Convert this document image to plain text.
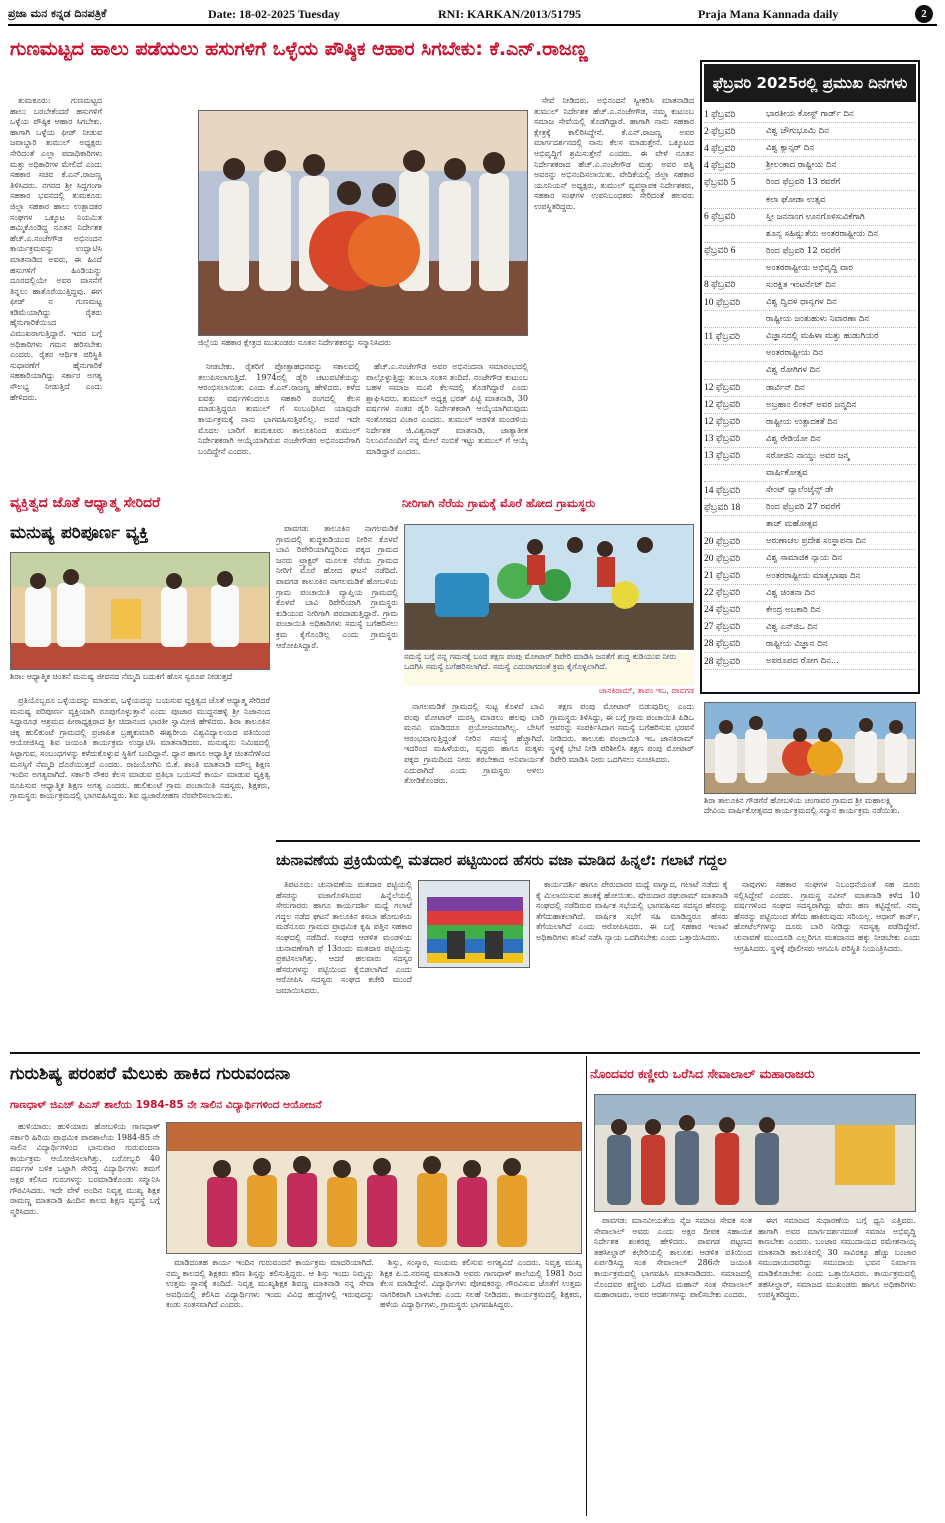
ಪ್ರಜಾ ಮನ ಕನ್ನಡ ದಿನಪತ್ರಿಕೆ	Date: 18-02-2025 Tuesday	RNI: KARKAN/2013/51795	Praja Mana Kannada daily	2
ಗುಣಮಟ್ಟದ ಹಾಲು ಪಡೆಯಲು ಹಸುಗಳಿಗೆ ಒಳ್ಳೆಯ ಪೌಷ್ಠಿಕ ಆಹಾರ ಸಿಗಬೇಕು: ಕೆ.ಎನ್.ರಾಜಣ್ಣ

ತುಮಕೂರು: ಗುಣಮಟ್ಟದ ಹಾಲು ಬರಬೇಕೆಂದರೆ ಹಸುಗಳಿಗೆ ಒಳ್ಳೆಯ ಪೌಷ್ಠಿಕ ಆಹಾರ ಸಿಗಬೇಕು. ಹಾಗಾಗಿ ಒಳ್ಳೆಯ ಫೀಡ್ ನೀಡುವ ಜವಾಬ್ದಾರಿ ತುಮುಲ್ ಅಧ್ಯಕ್ಷರು ಸೇರಿದಂತೆ ಎಲ್ಲಾ ಪದಾಧಿಕಾರಿಗಳು ಮತ್ತು ಅಧಿಕಾರಿಗಳ ಮೇಲಿದೆ ಎಂದು ಸಹಕಾರ ಸಚಿವ ಕೆ.ಎನ್.ರಾಜಣ್ಣ ತಿಳಿಸಿದರು. ನಗರದ ಶ್ರೀ ಸಿದ್ದಗಂಗಾ ಸಹಕಾರ ಭವನದಲ್ಲಿ ತುಮಕೂರು ಜಿಲ್ಲಾ ಸಹಕಾರ ಹಾಲು ಉತ್ಪಾದಕರ ಸಂಘಗಳ ಒಕ್ಕೂಟ ನಿಯಮಿತ ಹಮ್ಮಿಕೊಂಡಿದ್ದ ನೂತನ ನಿರ್ದೇಶಕ ಹೆಚ್.ಎ.ನಂಜೇಗೌಡ ಅಭಿನಂದನ ಕಾರ್ಯಕ್ರಮವನ್ನು ಉದ್ಘಾಟಿಸಿ ಮಾತನಾಡಿದ ಅವರು, ಈ ಹಿಂದೆ ಹಸುಗಳಿಗೆ ಹಿಂಡಿಯನ್ನು ದೂರದಲ್ಲಿಯೇ ಅವರ ವಾಸನೆಗೆ ತಿನ್ನಲು ಹಾತೊರೆಯುತ್ತಿದ್ದವು. ಈಗ ಫೀಡ್ ನ ಗುಣಮಟ್ಟ ಕಡಿಮೆಯಾಗಿದ್ದು ರೈತರು ಹೈನುಗಾರಿಕೆಯಿಂದ ವಿಮುಖರಾಗುತ್ತಿದ್ದಾರೆ. ಇದರ ಬಗ್ಗೆ ಅಧಿಕಾರಿಗಳು ಗಮನ ಹರಿಸಬೇಕು ಎಂದರು. ರೈತರ ಆರ್ಥಿಕ ಪರಿಸ್ಥಿತಿ ಸುಧಾರಣೆಗೆ ಹೈನುಗಾರಿಕೆ ಸಹಕಾರಿಯಾಗಿದ್ದು ಸರ್ಕಾರ ಅಗತ್ಯ ಸೌಲಭ್ಯ ನೀಡುತ್ತಿದೆ ಎಂದು ಹೇಳಿದರು.

ಜಿಲ್ಲೆಯ ಸಹಕಾರ ಕ್ಷೇತ್ರದ ಮುಖಂಡರು ನೂತನ ನಿರ್ದೇಶಕರನ್ನು ಸನ್ಮಾನಿಸಿದರು

ನೀಡಬೇಕು. ರೈತರಿಗೆ ಪ್ರೋತ್ಸಾಹಧನವನ್ನು ಸಕಾಲದಲ್ಲಿ ತಲುಪಿಸಲಾಗುತ್ತಿದೆ. 1974ರಲ್ಲಿ ಡೈರಿ ಚಟುವಟಿಕೆಯನ್ನು ಆರಂಭಿಸಲಾಯಿತು ಎಂದು ಕೆ.ಎನ್.ರಾಜಣ್ಣ ಹೇಳಿದರು. ಕಳೆದ ಐವತ್ತು ವರ್ಷಗಳಿಂದಲೂ ಸಹಕಾರಿ ರಂಗದಲ್ಲಿ ಕೆಲಸ ಮಾಡುತ್ತಿದ್ದರೂ ತುಮುಲ್ ಗೆ ಸಂಬಂಧಿಸಿದ ಯಾವುದೇ ಕಾರ್ಯಕ್ರಮಕ್ಕೆ ನಾನು ಭಾಗವಹಿಸುತ್ತಿರಲಿಲ್ಲ. ಅದರೆ ಇದೇ ಮೊದಲ ಬಾರಿಗೆ ತುಮಕೂರು ತಾಲೂಕಿನಿಂದ ತುಮುಲ್ ನಿರ್ದೇಶಕರಾಗಿ ಆಯ್ಕೆಯಾಗಿರುವ ನಂಜೇಗೌಡರ ಅಭಿನಂದನೆಗಾಗಿ ಬಂದಿದ್ದೇನೆ ಎಂದರು.

ಹೆಚ್.ಎ.ನಂಜೇಗೌಡ ಅವರ ಅಭಿನಂದನಾ ಸಮಾರಂಭದಲ್ಲಿ ಪಾಲ್ಗೊಳ್ಳುತ್ತಿದ್ದು ತುಂಬಾ ಸಂತಸ ತಂದಿದೆ. ನಂಜೇಗೌಡ ಕುಟುಂಬ ಬಹಳ ಸಮಾಜ ಮುಖಿ ಕೆಲಸದಲ್ಲಿ ತೊಡಗಿದ್ದಾರೆ ಎಂದು ಶ್ಲಾಘಿಸಿದರು. ತುಮುಲ್ ಅಧ್ಯಕ್ಷ ಭರತ್ ಪಿಟ್ಟಿ ಮಾತನಾಡಿ, 30 ವರ್ಷಗಳ ನಂತರ ಡೈರಿ ನಿರ್ದೇಶಕರಾಗಿ ಆಯ್ಕೆಯಾಗಿರುವುದು ಸಂತೋಷದ ವಿಚಾರ ಎಂದರು. ತುಮುಲ್ ಆಡಳಿತ ಮಂಡಳಿಯ ನಿರ್ದೇಶಕ ಜಿ.ವಿಶ್ವನಾಥ್ ಮಾತನಾಡಿ, ಜಾತ್ಯಾತೀತ ನಿಲುವಿನೊಂದಿಗೆ ನನ್ನ ಮೇಲೆ ನಂಬಿಕೆ ಇಟ್ಟು ತುಮುಲ್ ಗೆ ಆಯ್ಕೆ ಮಾಡಿದ್ದಾರೆ ಎಂದರು.

ಸೇವೆ ನೀಡಿದರು. ಅಭಿನಂದನೆ ಸ್ವೀಕರಿಸಿ ಮಾತನಾಡಿದ ತುಮುಲ್ ನಿರ್ದೇಶಕ ಹೆಚ್.ಎ.ನಂಜೇಗೌಡ, ನಮ್ಮ ಕುಟುಂಬ ಸಮಾಜ ಸೇವೆಯಲ್ಲಿ ತೊಡಗಿದ್ದಾರೆ. ಹಾಗಾಗಿ ನಾನು ಸಹಕಾರ ಕ್ಷೇತ್ರಕ್ಕೆ ಕಾಲಿರಿಸಿದ್ದೇನೆ. ಕೆ.ಎನ್.ರಾಜಣ್ಣ ಅವರ ಮಾರ್ಗದರ್ಶನದಲ್ಲಿ ನಾನು ಕೆಲಸ ಮಾಡುತ್ತೇನೆ. ಒಕ್ಕೂಟದ ಅಭಿವೃದ್ಧಿಗೆ ಶ್ರಮಿಸುತ್ತೇನೆ ಎಂದರು. ಈ ವೇಳೆ ನೂತನ ನಿರ್ದೇಶಕರಾದ ಹೆಚ್.ಎ.ನಂಜೇಗೌಡ ಮತ್ತು ಅವರ ಪತ್ನಿ ಅವರನ್ನು ಅಭಿನಂದಿಸಲಾಯಿತು. ವೇದಿಕೆಯಲ್ಲಿ ಜಿಲ್ಲಾ ಸಹಕಾರ ಯೂನಿಯನ್ ಅಧ್ಯಕ್ಷರು, ತುಮುಲ್ ವ್ಯವಸ್ಥಾಪಕ ನಿರ್ದೇಶಕರು, ಸಹಕಾರ ಸಂಘಗಳ ಉಪನಿಬಂಧಕರು ಸೇರಿದಂತೆ ಹಲವರು ಉಪಸ್ಥಿತರಿದ್ದರು.

ಫೆಬ್ರವರಿ 2025ರಲ್ಲಿ ಪ್ರಮುಖ ದಿನಗಳು
1 ಫೆಬ್ರವರಿ	ಭಾರತೀಯ ಕೋಸ್ಟ್ ಗಾರ್ಡ್ ದಿನ
2 ಫೆಬ್ರವರಿ	ವಿಶ್ವ ಜೌಗುಭೂಮಿ ದಿನ
4 ಫೆಬ್ರವರಿ	ವಿಶ್ವ ಕ್ಯಾನ್ಸರ್ ದಿನ
4 ಫೆಬ್ರವರಿ	ಶ್ರೀಲಂಕಾದ ರಾಷ್ಟ್ರೀಯ ದಿನ
ಫೆಬ್ರವರಿ 5	ರಿಂದ ಫೆಬ್ರವರಿ 13 ರವರೆಗೆ
ಕಲಾ ಘೋಡಾ ಉತ್ಸವ
6 ಫೆಬ್ರವರಿ	ಸ್ತ್ರೀ ಜನನಾಂಗ ಊನಗೊಳಿಸುವಿಕೆಗಾಗಿ
ಶೂನ್ಯ ಸಹಿಷ್ಣುತೆಯ ಅಂತರರಾಷ್ಟ್ರೀಯ ದಿನ
ಫೆಬ್ರವರಿ 6	ರಿಂದ ಫೆಬ್ರವರಿ 12 ರವರೆಗೆ
ಅಂತರರಾಷ್ಟ್ರೀಯ ಅಭಿವೃದ್ಧಿ ವಾರ
8 ಫೆಬ್ರವರಿ	ಸುರಕ್ಷಿತ ಇಂಟರ್ನೆಟ್ ದಿನ
10 ಫೆಬ್ರವರಿ	ವಿಶ್ವ ದ್ವಿದಳ ಧಾನ್ಯಗಳ ದಿನ
ರಾಷ್ಟ್ರೀಯ ಜಂತುಹುಳು ನಿವಾರಣಾ ದಿನ
11 ಫೆಬ್ರವರಿ	ವಿಜ್ಞಾನದಲ್ಲಿ ಮಹಿಳಾ ಮತ್ತು ಹುಡುಗಿಯರ
ಅಂತರರಾಷ್ಟ್ರೀಯ ದಿನ
ವಿಶ್ವ ರೋಗಿಗಳ ದಿನ
12 ಫೆಬ್ರವರಿ	ಡಾರ್ವಿನ್ ದಿನ
12 ಫೆಬ್ರವರಿ	ಅಬ್ರಹಾಂ ಲಿಂಕನ್ ಅವರ ಜನ್ಮದಿನ
12 ಫೆಬ್ರವರಿ	ರಾಷ್ಟ್ರೀಯ ಉತ್ಪಾದಕತೆ ದಿನ
13 ಫೆಬ್ರವರಿ	ವಿಶ್ವ ರೇಡಿಯೋ ದಿನ
13 ಫೆಬ್ರವರಿ	ಸರೋಜಿನಿ ನಾಯ್ಡು ಅವರ ಜನ್ಮ
ವಾರ್ಷಿಕೋತ್ಸವ
14 ಫೆಬ್ರವರಿ	ಸೇಂಟ್ ವ್ಯಾಲೆಂಟೈನ್ಸ್ ಡೇ
ಫೆಬ್ರವರಿ 18	ರಿಂದ ಫೆಬ್ರವರಿ 27 ರವರೆಗೆ
ತಾಜ್ ಮಹೋತ್ಸವ
20 ಫೆಬ್ರವರಿ	ಅರುಣಾಚಲ ಪ್ರದೇಶ ಸಂಸ್ಥಾಪನಾ ದಿನ
20 ಫೆಬ್ರವರಿ	ವಿಶ್ವ ಸಾಮಾಜಿಕ ನ್ಯಾಯ ದಿನ
21 ಫೆಬ್ರವರಿ	ಅಂತರರಾಷ್ಟ್ರೀಯ ಮಾತೃಭಾಷಾ ದಿನ
22 ಫೆಬ್ರವರಿ	ವಿಶ್ವ ಚಿಂತನಾ ದಿನ
24 ಫೆಬ್ರವರಿ	ಕೇಂದ್ರ ಅಬಕಾರಿ ದಿನ
27 ಫೆಬ್ರವರಿ	ವಿಶ್ವ ಎನ್‌ಜಿಒ ದಿನ
28 ಫೆಬ್ರವರಿ	ರಾಷ್ಟ್ರೀಯ ವಿಜ್ಞಾನ ದಿನ
28 ಫೆಬ್ರವರಿ	ಅಪರೂಪದ ರೋಗ ದಿನ...
ಶಿರಾ ತಾಲೂಕಿನ ಗೌಡಗೆರೆ ಹೋಬಳಿಯ ಚಂಗಾವರ ಗ್ರಾಮದ ಶ್ರೀ ಮಹಾಲಕ್ಷ್ಮಿ ದೇವಿಯ ವಾರ್ಷಿಕೋತ್ಸವದ ಕಾರ್ಯಕ್ರಮದಲ್ಲಿ ಸನ್ಮಾನ ಕಾರ್ಯಕ್ರಮ ನಡೆಯಿತು.
ವ್ಯಕ್ತಿತ್ವದ ಜೊತೆ ಆಧ್ಯಾತ್ಮ ಸೇರಿದರೆ
ಮನುಷ್ಯ ಪರಿಪೂರ್ಣ ವ್ಯಕ್ತಿ
ಶಿರಾ: ಆಧ್ಯಾತ್ಮಿಕ ಚಿಂತನೆ ಮನುಷ್ಯ ಜೀವನದ ನೆಮ್ಮದಿ ಬದುಕಿಗೆ ಹೊಸ ಸ್ವರೂಪ ನೀಡುತ್ತದೆ

ಪ್ರತಿಯೊಬ್ಬರೂ ಒಳ್ಳೆಯದನ್ನು ಮಾಡುವ, ಒಳ್ಳೆಯದನ್ನು ಬಯಸುವ ವ್ಯಕ್ತಿತ್ವದ ಜೊತೆ ಆಧ್ಯಾತ್ಮ ಸೇರಿದರೆ ಮನುಷ್ಯ ಪರಿಪೂರ್ಣ ವ್ಯಕ್ತಿಯಾಗಿ ರೂಪುಗೊಳ್ಳುತ್ತಾನೆ ಎಂದು ಪೂಜಾರ ಮುದ್ದನಹಳ್ಳಿ ಶ್ರೀ ನಿಜಾನಂದ ಸಿದ್ದಾರೂಢ ಆಶ್ರಮದ ಪೀಠಾಧ್ಯಕ್ಷರಾದ ಶ್ರೀ ಚಿದಾನಂದ ಭಾರತೀ ಸ್ವಾಮೀಜಿ ಹೇಳಿದರು. ಶಿರಾ ತಾಲೂಕಿನ ಚಿಕ್ಕ ಹುಲಿಕುಂಟೆ ಗ್ರಾಮದಲ್ಲಿ ಪ್ರಜಾಪಿತ ಬ್ರಹ್ಮಕುಮಾರಿ ಈಶ್ವರೀಯ ವಿಶ್ವವಿದ್ಯಾಲಯದ ವತಿಯಿಂದ ಆಯೋಜಿಸಿದ್ದ ಶಿವ ಜಯಂತಿ ಕಾರ್ಯಕ್ರಮ ಉದ್ಘಾಟಿಸಿ ಮಾತನಾಡಿದರು. ಮನುಷ್ಯನು ನಿಮಿಷದಲ್ಲಿ ಸಿಟ್ಟಾಗುವ, ಸಂಬಂಧಗಳನ್ನು ಕಳೆದುಕೊಳ್ಳುವ ಸ್ಥಿತಿಗೆ ಬಂದಿದ್ದಾನೆ. ಧ್ಯಾನ ಹಾಗೂ ಆಧ್ಯಾತ್ಮಿಕ ಚಿಂತನೆಗಳಿಂದ ಮನಸ್ಸಿಗೆ ನೆಮ್ಮದಿ ದೊರೆಯುತ್ತದೆ ಎಂದರು. ರಾಜಯೋಗಿನಿ ಬಿ.ಕೆ. ಶಾಂತಿ ಮಾತನಾಡಿ ಮೌಲ್ಯ ಶಿಕ್ಷಣ ಇಂದಿನ ಅಗತ್ಯವಾಗಿದೆ. ಸರ್ಕಾರಿ ನೌಕರ ಕೆಲಸ ಮಾಡುವ ಪ್ರತಿಭಾ ಬಯಸದೆ ಕಾರ್ಯ ಮಾಡುವ ವ್ಯಕ್ತಿತ್ವ ರೂಪಿಸುವ ಆಧ್ಯಾತ್ಮಿಕ ಶಿಕ್ಷಣ ಅಗತ್ಯ ಎಂದರು. ಹುಲಿಕುಂಟೆ ಗ್ರಾಮ ಪಂಚಾಯಿತಿ ಸದಸ್ಯರು, ಶಿಕ್ಷಕರು, ಗ್ರಾಮಸ್ಥರು ಕಾರ್ಯಕ್ರಮದಲ್ಲಿ ಭಾಗವಹಿಸಿದ್ದರು. ಶಿವ ಧ್ವಜಾರೋಹಣ ನೆರವೇರಿಸಲಾಯಿತು.

ನೀರಿಗಾಗಿ ನೆರೆಯ ಗ್ರಾಮಕ್ಕೆ ಮೊರೆ ಹೋದ ಗ್ರಾಮಸ್ಥರು

ಪಾವಗಡ: ತಾಲೂಕಿನ ನಾಗಲಮಡಿಕೆ ಗ್ರಾಮದಲ್ಲಿ ಶುದ್ಧಕುಡಿಯುವ ನೀರಿನ ಕೊಳವೆ ಬಾವಿ ರಿಪೇರಿಯಾಗಿದ್ದರಿಂದ ಪಕ್ಕದ ಗ್ರಾಮದ ಜನರು ಟ್ರ್ಯಾಕ್ಟರ್ ಮೂಲಕ ನೆರೆಯ ಗ್ರಾಮದ ನೀರಿಗೆ ಮೊರೆ ಹೋದ ಘಟನೆ ನಡೆದಿದೆ. ಪಾವಗಡ ತಾಲೂಕಿನ ನಾಗಲಮಡಿಕೆ ಹೋಬಳಿಯ ಗ್ರಾಮ ಪಂಚಾಯಿತಿ ವ್ಯಾಪ್ತಿಯ ಗ್ರಾಮದಲ್ಲಿ ಕೊಳವೆ ಬಾವಿ ರಿಪೇರಿಯಾಗಿ ಗ್ರಾಮಸ್ಥರು ಕುಡಿಯುವ ನೀರಿಗಾಗಿ ಪರದಾಡುತ್ತಿದ್ದಾರೆ. ಗ್ರಾಮ ಪಂಚಾಯಿತಿ ಅಧಿಕಾರಿಗಳು ಸಮಸ್ಯೆ ಬಗೆಹರಿಸಲು ಕ್ರಮ ಕೈಗೊಂಡಿಲ್ಲ ಎಂದು ಗ್ರಾಮಸ್ಥರು ಆರೋಪಿಸಿದ್ದಾರೆ.

ಸಮಸ್ಯೆ ಬಗ್ಗೆ ನನ್ನ ಗಮನಕ್ಕೆ ಬಂದ ತಕ್ಷಣ ಪಂಪು ಮೋಟಾರ್ ರಿಪೇರಿ ಮಾಡಿಸಿ ಜನತೆಗೆ ಶುದ್ಧ ಕುಡಿಯುವ ನೀರು ಒದಗಿಸಿ ಸಮಸ್ಯೆ ಬಗೆಹರಿಸಲಾಗಿದೆ. ಸಮಸ್ಯೆ ಎದುರಾಗದಂತೆ ಕ್ರಮ ಕೈಗೊಳ್ಳಲಾಗಿದೆ.
ಜಾನಕಿರಾಮ್, ತಾಪಂ ಇಒ, ಪಾವಗಡ

ನಾಗಲಮಡಿಕೆ ಗ್ರಾಮದಲ್ಲಿ ಸುಟ್ಟ ಕೊಳವೆ ಬಾವಿ ಪಂಪು ಮೋಟಾರ್ ದುರಸ್ತಿ ಮಾಡಲು ಹಲವು ಬಾರಿ ಮನವಿ ಮಾಡಿದರೂ ಪ್ರಯೋಜನವಾಗಿಲ್ಲ. ಬೇಸಿಗೆ ಆರಂಭವಾಗುತ್ತಿದ್ದಂತೆ ನೀರಿನ ಸಮಸ್ಯೆ ಹೆಚ್ಚಾಗಿದೆ. ಇದರಿಂದ ಮಹಿಳೆಯರು, ವೃದ್ಧರು ಹಾಗೂ ಮಕ್ಕಳು ಪಕ್ಕದ ಗ್ರಾಮದಿಂದ ನೀರು ತರಬೇಕಾದ ಅನಿವಾರ್ಯತೆ ಎದುರಾಗಿದೆ ಎಂದು ಗ್ರಾಮಸ್ಥರು ಅಳಲು ತೋಡಿಕೊಂಡರು.

ತಕ್ಷಣ ಪಂಪು ಮೋಟಾರ್ ಬಿಡುವುದಿಲ್ಲ ಎಂದು ಗ್ರಾಮಸ್ಥರು ತಿಳಿಸಿದ್ದು, ಈ ಬಗ್ಗೆ ಗ್ರಾಮ ಪಂಚಾಯಿತಿ ಪಿಡಿಒ ಅವರನ್ನು ಸಂಪರ್ಕಿಸಿದಾಗ ಸಮಸ್ಯೆ ಬಗೆಹರಿಸುವ ಭರವಸೆ ನೀಡಿದರು. ತಾಲೂಕು ಪಂಚಾಯಿತಿ ಇಒ ಜಾನಕಿರಾಮ್ ಸ್ಥಳಕ್ಕೆ ಭೇಟಿ ನೀಡಿ ಪರಿಶೀಲಿಸಿ ತಕ್ಷಣ ಪಂಪು ಮೋಟಾರ್ ರಿಪೇರಿ ಮಾಡಿಸಿ ನೀರು ಒದಗಿಸಲು ಸೂಚಿಸಿದರು.

ಚುನಾವಣೆಯ ಪ್ರಕ್ರಿಯೆಯಲ್ಲಿ ಮತದಾರ ಪಟ್ಟಿಯಿಂದ ಹೆಸರು ವಜಾ ಮಾಡಿದ ಹಿನ್ನಲೆ: ಗಲಾಟೆ ಗದ್ದಲ

ತಿಪಟೂರು: ಚುನಾವಣೆಯ ಮತದಾರ ಪಟ್ಟಿಯಲ್ಲಿ ಹೆಸರನ್ನು ವಜಾಗೊಳಿಸಿರುವ ಹಿನ್ನೆಲೆಯಲ್ಲಿ ಸೇರುಗಾರರು ಹಾಗೂ ಕಾರ್ಯದರ್ಶಿ ಮಧ್ಯೆ ಗಲಾಟೆ ಗದ್ದಲ ನಡೆದ ಘಟನೆ ತಾಲೂಕಿನ ಕಸಬಾ ಹೋಬಳಿಯ ಮಡೆನೂರು ಗ್ರಾಮದ ಪ್ರಾಥಮಿಕ ಕೃಷಿ ಪತ್ತಿನ ಸಹಕಾರ ಸಂಘದಲ್ಲಿ ನಡೆದಿದೆ. ಸಂಘದ ಆಡಳಿತ ಮಂಡಳಿಯ ಚುನಾವಣೆಗಾಗಿ ಫೆ 13ರಂದು ಮತದಾರ ಪಟ್ಟಿಯನ್ನು ಪ್ರಕಟಿಸಲಾಗಿತ್ತು. ಆದರೆ ಹಲವಾರು ಸದಸ್ಯರ ಹೆಸರುಗಳನ್ನು ಪಟ್ಟಿಯಿಂದ ಕೈಬಿಡಲಾಗಿದೆ ಎಂದು ಆರೋಪಿಸಿ ಸದಸ್ಯರು ಸಂಘದ ಕಚೇರಿ ಮುಂದೆ ಜಮಾಯಿಸಿದರು.

ಕಾರ್ಯದರ್ಶಿ ಹಾಗೂ ಪೇರುದಾರರ ಮಧ್ಯೆ ವಾಗ್ವಾದ, ಗಲಾಟೆ ನಡೆದು ಕೈ ಕೈ ಮಿಲಾಯಿಸುವ ಹಂತಕ್ಕೆ ಹೋಯಿತು. ಷೇರುದಾರ ರಘುರಾಮ್ ಮಾತನಾಡಿ ಸಂಘದಲ್ಲಿ ನಡೆದಿರುವ ವಾರ್ಷಿಕ ಸಭೆಯಲ್ಲಿ ಭಾಗವಹಿಸದ ಸದಸ್ಯರ ಹೆಸರನ್ನು ತೆಗೆದುಹಾಕಲಾಗಿದೆ. ವಾರ್ಷಿಕ ಸಭೆಗೆ ಸಹಿ ಮಾಡಿದ್ದರೂ ಹೆಸರು ತೆಗೆಯಲಾಗಿದೆ ಎಂದು ಆರೋಪಿಸಿದರು. ಈ ಬಗ್ಗೆ ಸಹಕಾರ ಇಲಾಖೆ ಅಧಿಕಾರಿಗಳು ತನಿಖೆ ನಡೆಸಿ ನ್ಯಾಯ ಒದಗಿಸಬೇಕು ಎಂದು ಒತ್ತಾಯಿಸಿದರು.

ನಾವುಗಳು ಸಹಕಾರ ಸಂಘಗಳ ನಿಬಂಧನೆಯಂತೆ ಸಹ ದೂರು ಸಲ್ಲಿಸಿದ್ದೇವೆ ಎಂದರು. ಗ್ರಾಮಸ್ಥ ನವೀನ್ ಮಾತನಾಡಿ ಕಳೆದ 10 ವರ್ಷಗಳಿಂದ ಸಂಘದ ಸದಸ್ಯರಾಗಿದ್ದು ಷೇರು ಹಣ ಕಟ್ಟಿದ್ದೇವೆ. ನಮ್ಮ ಹೆಸರನ್ನು ಪಟ್ಟಿಯಿಂದ ತೆಗೆದು ಹಾಕಿರುವುದು ಸರಿಯಲ್ಲ. ಆಧಾರ್ ಕಾರ್ಡ್, ಹೋಟೆಲ್‌ಗಳನ್ನು ದೂರು ಬಾರಿ ನೀಡಿದ್ದು ಸದಸ್ಯತ್ವ ಪಡೆದಿದ್ದೇವೆ. ಚುನಾವಣೆ ಮುಂದೂಡಿ ಎಲ್ಲರಿಗೂ ಮತದಾನದ ಹಕ್ಕು ನೀಡಬೇಕು ಎಂದು ಆಗ್ರಹಿಸಿದರು. ಸ್ಥಳಕ್ಕೆ ಪೊಲೀಸರು ಆಗಮಿಸಿ ಪರಿಸ್ಥಿತಿ ನಿಯಂತ್ರಿಸಿದರು.

ಗುರುಶಿಷ್ಯ ಪರಂಪರೆ ಮೆಲುಕು ಹಾಕಿದ ಗುರುವಂದನಾ
ಗಾಣಧಾಳ್ ಜಿಎಚ್ ಪಿಎಸ್ ಶಾಲೆಯ 1984-85 ನೇ ಸಾಲಿನ ವಿದ್ಯಾರ್ಥಿಗಳಿಂದ ಆಯೋಜನೆ

ಹುಳಿಯಾರು: ಹುಳಿಯಾರು ಹೋಬಳಿಯ ಗಾಣಧಾಳ್ ಸರ್ಕಾರಿ ಹಿರಿಯ ಪ್ರಾಥಮಿಕ ಪಾಠಶಾಲೆಯ 1984-85 ನೇ ಸಾಲಿನ ವಿದ್ಯಾರ್ಥಿಗಳಿಂದ ಭಾನುವಾರ ಗುರುವಂದನಾ ಕಾರ್ಯಕ್ರಮ ಆಯೋಜಿಸಲಾಗಿತ್ತು. ಬರೋಬ್ಬರಿ 40 ವರ್ಷಗಳ ಬಳಿಕ ಒಟ್ಟಾಗಿ ಸೇರಿದ್ದ ವಿದ್ಯಾರ್ಥಿಗಳು ತಮಗೆ ಅಕ್ಷರ ಕಲಿಸಿದ ಗುರುಗಳನ್ನು ಬರಮಾಡಿಕೊಂಡು ಸನ್ಮಾನಿಸಿ ಗೌರವಿಸಿದರು. ಇದೇ ವೇಳೆ ಅಂದಿನ ನಿವೃತ್ತ ಮುಖ್ಯ ಶಿಕ್ಷಕ ರಾಮಣ್ಣ ಮಾತನಾಡಿ ಹಿಂದಿನ ಕಾಲದ ಶಿಕ್ಷಣ ವ್ಯವಸ್ಥೆ ಬಗ್ಗೆ ಸ್ಮರಿಸಿದರು.

ಮಾಡಿದಂತಹ ಕಾರ್ಯ ಇಂದಿನ ಗುರುವಂದನೆ ಕಾರ್ಯಕ್ರಮ ಮಾದರಿಯಾಗಿದೆ. ನಮ್ಮ ಕಾಲದಲ್ಲಿ ಶಿಕ್ಷಕರು ಕಠಿಣ ಶಿಸ್ತನ್ನು ಕಲಿಸುತ್ತಿದ್ದರು. ಆ ಶಿಸ್ತು ಇಂದು ನಿಮ್ಮನ್ನು ಉತ್ತಮ ಸ್ಥಾನಕ್ಕೆ ತಂದಿದೆ. ನಿವೃತ್ತ ಮುಖ್ಯಶಿಕ್ಷಕ ಶಿವಣ್ಣ ಮಾತನಾಡಿ ನನ್ನ ಸೇವಾ ಅವಧಿಯಲ್ಲಿ ಕಲಿಸಿದ ವಿದ್ಯಾರ್ಥಿಗಳು ಇಂದು ವಿವಿಧ ಹುದ್ದೆಗಳಲ್ಲಿ ಇರುವುದನ್ನು ಕಂಡು ಸಂತಸವಾಗಿದೆ ಎಂದರು.

ಶಿಸ್ತು, ಸಂಸ್ಕಾರ, ಸಂಯಮ ಕಲಿಸುವ ಅಗತ್ಯವಿದೆ ಎಂದರು. ನಿವೃತ್ತ ಮುಖ್ಯ ಶಿಕ್ಷಕ ಪಿ.ಬಿ.ನರಸಪ್ಪ ಮಾತನಾಡಿ ಅವರು ಗಾಣಧಾಳ್ ಶಾಲೆಯಲ್ಲಿ 1981 ರಿಂದ ಕೆಲಸ ಮಾಡಿದ್ದೇನೆ. ವಿದ್ಯಾರ್ಥಿಗಳು ಪೋಷಕರನ್ನು ಗೌರವಿಸುವ ಜೊತೆಗೆ ಉತ್ತಮ ನಾಗರಿಕರಾಗಿ ಬಾಳಬೇಕು ಎಂದು ಸಲಹೆ ನೀಡಿದರು. ಕಾರ್ಯಕ್ರಮದಲ್ಲಿ ಶಿಕ್ಷಕರು, ಹಳೆಯ ವಿದ್ಯಾರ್ಥಿಗಳು, ಗ್ರಾಮಸ್ಥರು ಭಾಗವಹಿಸಿದ್ದರು.

ನೊಂದವರ ಕಣ್ಣೀರು ಒರೆಸಿದ ಸೇವಾಲಾಲ್ ಮಹಾರಾಜರು

ಪಾವಗಡ: ಮಾನವೀಯತೆಯ ನೈಜ ಸಮಾಜ ಸೇವಕ ಸಂತ ಸೇವಾಲಾಲ್ ಅವರು ಎಂದು ಅಕ್ಷರ ದೀಪಕ ಸಹಾಯಕ ನಿರ್ದೇಶಕ ಶಂಕರಪ್ಪ ಹೇಳಿದರು. ಪಾವಗಡ ಪಟ್ಟಣದ ತಹಸೀಲ್ದಾರ್ ಕಛೇರಿಯಲ್ಲಿ ತಾಲೂಕು ಆಡಳಿತ ವತಿಯಿಂದ ಏರ್ಪಡಿಸಿದ್ದ ಸಂತ ಸೇವಾಲಾಲ್ 286ನೇ ಜಯಂತಿ ಕಾರ್ಯಕ್ರಮದಲ್ಲಿ ಭಾಗವಹಿಸಿ ಮಾತನಾಡಿದರು. ಸಮಾಜದಲ್ಲಿ ನೊಂದವರ ಕಣ್ಣೀರು ಒರೆಸಿದ ಮಹಾನ್ ಸಂತ ಸೇವಾಲಾಲ್ ಮಹಾರಾಜರು. ಅವರ ಆದರ್ಶಗಳನ್ನು ಪಾಲಿಸಬೇಕು ಎಂದರು.

ಈಗ ಸಮಾಜದ ಸುಧಾರಣೆಯ ಬಗ್ಗೆ ಧ್ವನಿ ಎತ್ತಿದರು. ಹಾಗಾಗಿ ಅವರ ಮಾರ್ಗದರ್ಶನದಂತೆ ಸಮಾಜ ಅಭಿವೃದ್ಧಿ ಕಾಣಬೇಕು ಎಂದರು. ಬಂಜಾರ ಸಮುದಾಯದ ರಮೇಶನಾಯ್ಕ ಮಾತನಾಡಿ ತಾಲೂಕಿನಲ್ಲಿ 30 ಸಾವಿರಕ್ಕೂ ಹೆಚ್ಚು ಬಂಜಾರ ಸಮುದಾಯದವರಿದ್ದು ಸಮುದಾಯ ಭವನ ನಿರ್ಮಾಣ ಮಾಡಿಕೊಡಬೇಕು ಎಂದು ಒತ್ತಾಯಿಸಿದರು. ಕಾರ್ಯಕ್ರಮದಲ್ಲಿ ತಹಸೀಲ್ದಾರ್, ಸಮಾಜದ ಮುಖಂಡರು ಹಾಗೂ ಅಧಿಕಾರಿಗಳು ಉಪಸ್ಥಿತರಿದ್ದರು.
